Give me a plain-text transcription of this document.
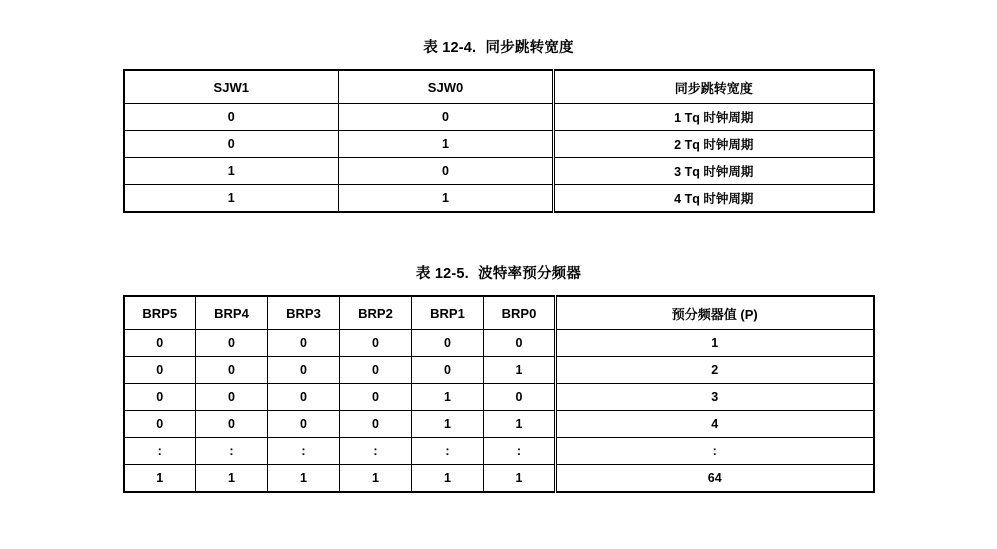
表 12-4. 同步跳转宽度
SJW1	SJW0	同步跳转宽度
0	0	1 Tq 时钟周期
0	1	2 Tq 时钟周期
1	0	3 Tq 时钟周期
1	1	4 Tq 时钟周期
表 12-5. 波特率预分频器
BRP5	BRP4	BRP3	BRP2	BRP1	BRP0	预分频器值 (P)
0	0	0	0	0	0	1
0	0	0	0	0	1	2
0	0	0	0	1	0	3
0	0	0	0	1	1	4
:	:	:	:	:	:	:
1	1	1	1	1	1	64
